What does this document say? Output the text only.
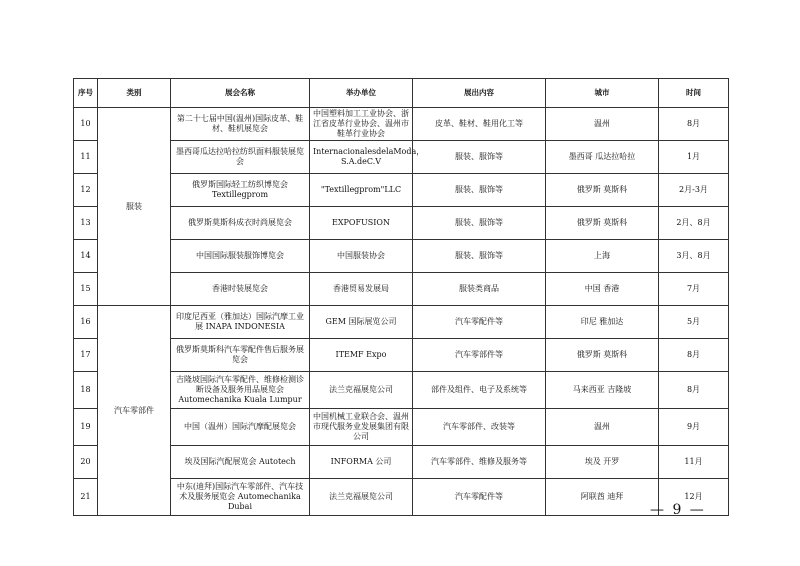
序号	类别	展会名称	举办单位	展出内容	城市	时间
10	服装	第二十七届中国(温州)国际皮革、鞋材、鞋机展览会	中国塑料加工工业协会、浙江省皮革行业协会、温州市鞋革行业协会	皮革、鞋材、鞋用化工等	温州	8月
11		墨西哥瓜达拉哈拉纺织面料服装展览会	InternacionalesdelaModa，S.A.deC.V	服装、服饰等	墨西哥 瓜达拉哈拉	1月
12		俄罗斯国际轻工纺织博览会 Textillegprom	"Textillegprom"LLC	服装、服饰等	俄罗斯 莫斯科	2月-3月
13		俄罗斯莫斯科成衣时尚展览会	EXPOFUSION	服装、服饰等	俄罗斯 莫斯科	2月、8月
14		中国国际服装服饰博览会	中国服装协会	服装、服饰等	上海	3月、8月
15		香港时装展览会	香港贸易发展局	服装类商品	中国 香港	7月
16	汽车零部件	印度尼西亚（雅加达）国际汽摩工业展 INAPA INDONESIA	GEM 国际展览公司	汽车零配件等	印尼 雅加达	5月
17		俄罗斯莫斯科汽车零配件售后服务展览会	ITEMF Expo	汽车零部件等	俄罗斯 莫斯科	8月
18		吉隆坡国际汽车零配件、维修检测诊断设备及服务用品展览会 Automechanika Kuala Lumpur	法兰克福展览公司	部件及组件、电子及系统等	马来西亚 吉隆坡	8月
19		中国（温州）国际汽摩配展览会	中国机械工业联合会、温州市现代服务业发展集团有限公司	汽车零部件、改装等	温州	9月
20		埃及国际汽配展览会 Autotech	INFORMA 公司	汽车零部件、维修及服务等	埃及 开罗	11月
21		中东(迪拜)国际汽车零部件、汽车技术及服务展览会 Automechanika Dubai	法兰克福展览公司	汽车零配件等	阿联酋 迪拜	12月
— 9 —
